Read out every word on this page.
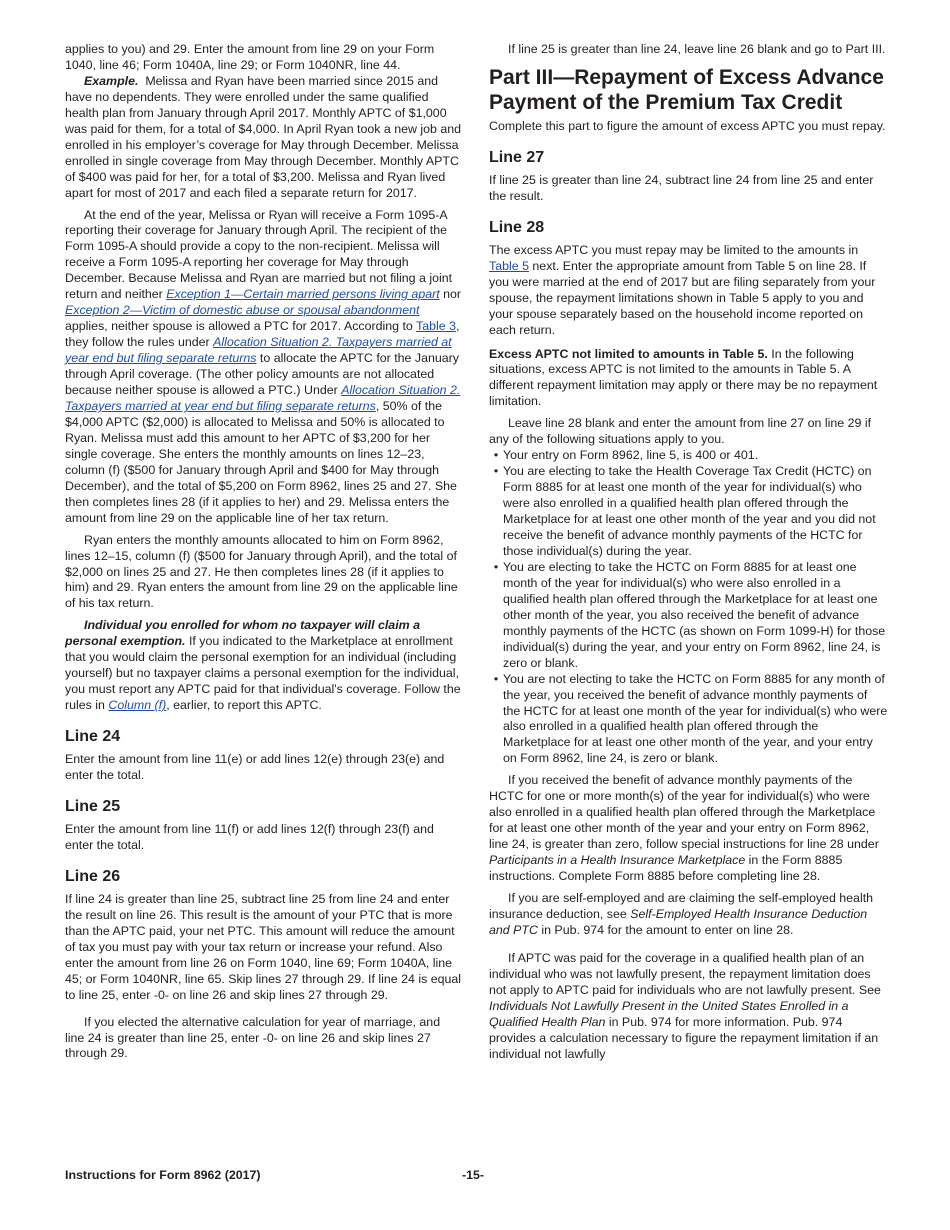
applies to you) and 29. Enter the amount from line 29 on your Form 1040, line 46; Form 1040A, line 29; or Form 1040NR, line 44.

Example. Melissa and Ryan have been married since 2015 and have no dependents. They were enrolled under the same qualified health plan from January through April 2017. Monthly APTC of $1,000 was paid for them, for a total of $4,000. In April Ryan took a new job and enrolled in his employer’s coverage for May through December. Melissa enrolled in single coverage from May through December. Monthly APTC of $400 was paid for her, for a total of $3,200. Melissa and Ryan lived apart for most of 2017 and each filed a separate return for 2017.

At the end of the year, Melissa or Ryan will receive a Form 1095-A reporting their coverage for January through April. The recipient of the Form 1095-A should provide a copy to the non-recipient. Melissa will receive a Form 1095-A reporting her coverage for May through December. Because Melissa and Ryan are married but not filing a joint return and neither Exception 1—Certain married persons living apart nor Exception 2—Victim of domestic abuse or spousal abandonment applies, neither spouse is allowed a PTC for 2017. According to Table 3, they follow the rules under Allocation Situation 2. Taxpayers married at year end but filing separate returns to allocate the APTC for the January through April coverage. (The other policy amounts are not allocated because neither spouse is allowed a PTC.) Under Allocation Situation 2. Taxpayers married at year end but filing separate returns, 50% of the $4,000 APTC ($2,000) is allocated to Melissa and 50% is allocated to Ryan. Melissa must add this amount to her APTC of $3,200 for her single coverage. She enters the monthly amounts on lines 12–23, column (f) ($500 for January through April and $400 for May through December), and the total of $5,200 on Form 8962, lines 25 and 27. She then completes lines 28 (if it applies to her) and 29. Melissa enters the amount from line 29 on the applicable line of her tax return.

Ryan enters the monthly amounts allocated to him on Form 8962, lines 12–15, column (f) ($500 for January through April), and the total of $2,000 on lines 25 and 27. He then completes lines 28 (if it applies to him) and 29. Ryan enters the amount from line 29 on the applicable line of his tax return.

Individual you enrolled for whom no taxpayer will claim a personal exemption. If you indicated to the Marketplace at enrollment that you would claim the personal exemption for an individual (including yourself) but no taxpayer claims a personal exemption for the individual, you must report any APTC paid for that individual's coverage. Follow the rules in Column (f), earlier, to report this APTC.

Line 24

Enter the amount from line 11(e) or add lines 12(e) through 23(e) and enter the total.

Line 25

Enter the amount from line 11(f) or add lines 12(f) through 23(f) and enter the total.

Line 26

If line 24 is greater than line 25, subtract line 25 from line 24 and enter the result on line 26. This result is the amount of your PTC that is more than the APTC paid, your net PTC. This amount will reduce the amount of tax you must pay with your tax return or increase your refund. Also enter the amount from line 26 on Form 1040, line 69; Form 1040A, line 45; or Form 1040NR, line 65. Skip lines 27 through 29. If line 24 is equal to line 25, enter -0- on line 26 and skip lines 27 through 29.

If you elected the alternative calculation for year of marriage, and line 24 is greater than line 25, enter -0- on line 26 and skip lines 27 through 29.

If line 25 is greater than line 24, leave line 26 blank and go to Part III.

Part III—Repayment of Excess Advance Payment of the Premium Tax Credit

Complete this part to figure the amount of excess APTC you must repay.

Line 27

If line 25 is greater than line 24, subtract line 24 from line 25 and enter the result.

Line 28

The excess APTC you must repay may be limited to the amounts in Table 5 next. Enter the appropriate amount from Table 5 on line 28. If you were married at the end of 2017 but are filing separately from your spouse, the repayment limitations shown in Table 5 apply to you and your spouse separately based on the household income reported on each return.

Excess APTC not limited to amounts in Table 5. In the following situations, excess APTC is not limited to the amounts in Table 5. A different repayment limitation may apply or there may be no repayment limitation.

Leave line 28 blank and enter the amount from line 27 on line 29 if any of the following situations apply to you.

• Your entry on Form 8962, line 5, is 400 or 401.

• You are electing to take the Health Coverage Tax Credit (HCTC) on Form 8885 for at least one month of the year for individual(s) who were also enrolled in a qualified health plan offered through the Marketplace for at least one other month of the year and you did not receive the benefit of advance monthly payments of the HCTC for those individual(s) during the year.

• You are electing to take the HCTC on Form 8885 for at least one month of the year for individual(s) who were also enrolled in a qualified health plan offered through the Marketplace for at least one other month of the year, you also received the benefit of advance monthly payments of the HCTC (as shown on Form 1099-H) for those individual(s) during the year, and your entry on Form 8962, line 24, is zero or blank.

• You are not electing to take the HCTC on Form 8885 for any month of the year, you received the benefit of advance monthly payments of the HCTC for at least one month of the year for individual(s) who were also enrolled in a qualified health plan offered through the Marketplace for at least one other month of the year, and your entry on Form 8962, line 24, is zero or blank.

If you received the benefit of advance monthly payments of the HCTC for one or more month(s) of the year for individual(s) who were also enrolled in a qualified health plan offered through the Marketplace for at least one other month of the year and your entry on Form 8962, line 24, is greater than zero, follow special instructions for line 28 under Participants in a Health Insurance Marketplace in the Form 8885 instructions. Complete Form 8885 before completing line 28.

If you are self-employed and are claiming the self-employed health insurance deduction, see Self-Employed Health Insurance Deduction and PTC in Pub. 974 for the amount to enter on line 28.

If APTC was paid for the coverage in a qualified health plan of an individual who was not lawfully present, the repayment limitation does not apply to APTC paid for individuals who are not lawfully present. See Individuals Not Lawfully Present in the United States Enrolled in a Qualified Health Plan in Pub. 974 for more information. Pub. 974 provides a calculation necessary to figure the repayment limitation if an individual not lawfully

Instructions for Form 8962 (2017)	-15-
